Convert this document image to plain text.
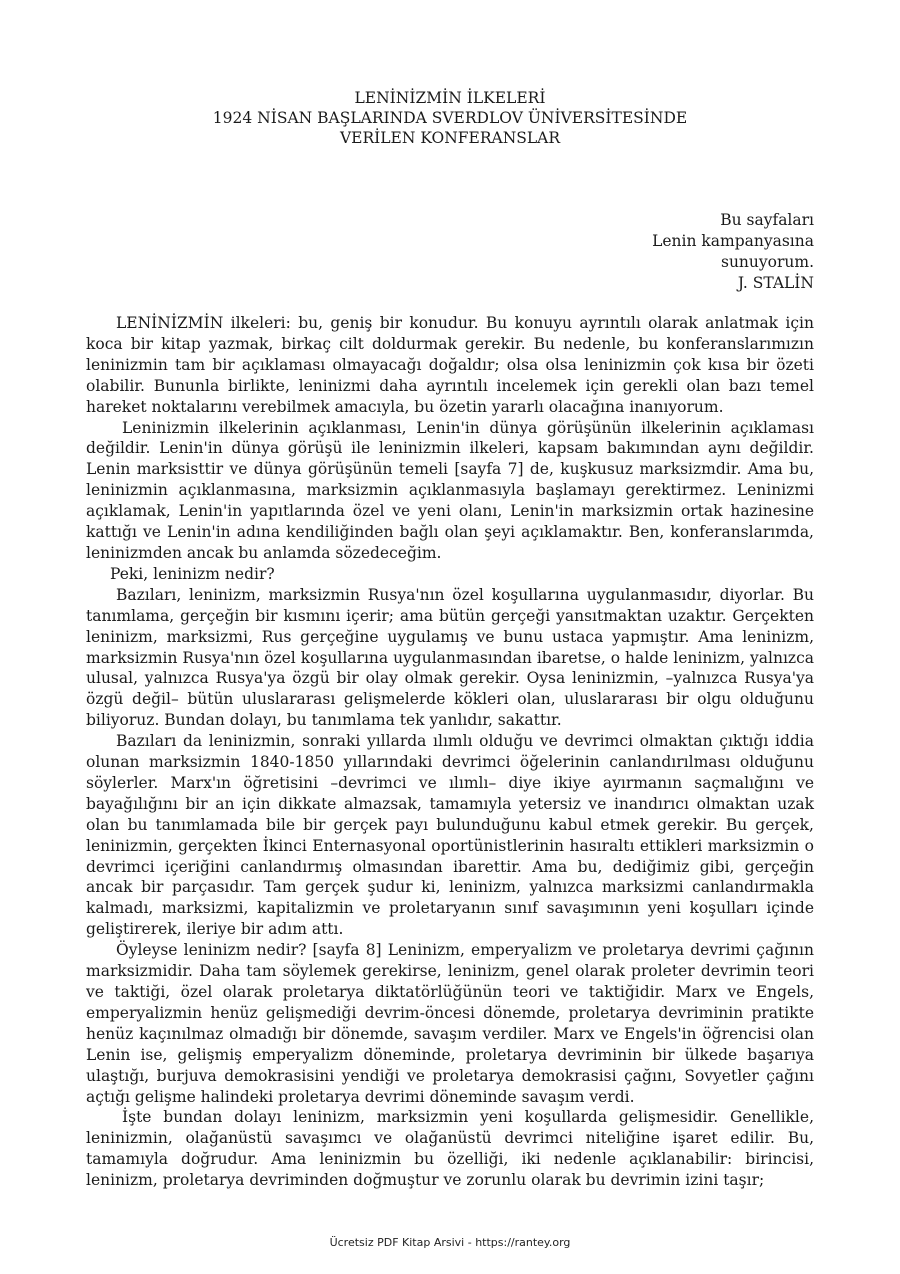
LENİNİZMİN İLKELERİ
1924 NİSAN BAŞLARINDA SVERDLOV ÜNİVERSİTESİNDE
VERİLEN KONFERANSLAR
Bu sayfaları
Lenin kampanyasına
sunuyorum.
J. STALİN

LENİNİZMİN ilkeleri: bu, geniş bir konudur. Bu konuyu ayrıntılı olarak anlatmak için koca bir kitap yazmak, birkaç cilt doldurmak gerekir. Bu nedenle, bu konferanslarımızın leninizmin tam bir açıklaması olmayacağı doğaldır; olsa olsa leninizmin çok kısa bir özeti olabilir. Bununla birlikte, leninizmi daha ayrıntılı incelemek için gerekli olan bazı temel hareket noktalarını verebilmek amacıyla, bu özetin yararlı olacağına inanıyorum.

Leninizmin ilkelerinin açıklanması, Lenin'in dünya görüşünün ilkelerinin açıklaması değildir. Lenin'in dünya görüşü ile leninizmin ilkeleri, kapsam bakımından aynı değildir. Lenin marksisttir ve dünya görüşünün temeli [sayfa 7] de, kuşkusuz marksizmdir. Ama bu, leninizmin açıklanmasına, marksizmin açıklanmasıyla başlamayı gerektirmez. Leninizmi açıklamak, Lenin'in yapıtlarında özel ve yeni olanı, Lenin'in marksizmin ortak hazinesine kattığı ve Lenin'in adına kendiliğinden bağlı olan şeyi açıklamaktır. Ben, konferanslarımda, leninizmden ancak bu anlamda sözedeceğim.

Peki, leninizm nedir?

Bazıları, leninizm, marksizmin Rusya'nın özel koşullarına uygulanmasıdır, diyorlar. Bu tanımlama, gerçeğin bir kısmını içerir; ama bütün gerçeği yansıtmaktan uzaktır. Gerçekten leninizm, marksizmi, Rus gerçeğine uygulamış ve bunu ustaca yapmıştır. Ama leninizm, marksizmin Rusya'nın özel koşullarına uygulanmasından ibaretse, o halde leninizm, yalnızca ulusal, yalnızca Rusya'ya özgü bir olay olmak gerekir. Oysa leninizmin, –yalnızca Rusya'ya özgü değil– bütün uluslararası gelişmelerde kökleri olan, uluslararası bir olgu olduğunu biliyoruz. Bundan dolayı, bu tanımlama tek yanlıdır, sakattır.

Bazıları da leninizmin, sonraki yıllarda ılımlı olduğu ve devrimci olmaktan çıktığı iddia olunan marksizmin 1840-1850 yıllarındaki devrimci öğelerinin canlandırılması olduğunu söylerler. Marx'ın öğretisini –devrimci ve ılımlı– diye ikiye ayırmanın saçmalığını ve bayağılığını bir an için dikkate almazsak, tamamıyla yetersiz ve inandırıcı olmaktan uzak olan bu tanımlamada bile bir gerçek payı bulunduğunu kabul etmek gerekir. Bu gerçek, leninizmin, gerçekten İkinci Enternasyonal oportünistlerinin hasıraltı ettikleri marksizmin o devrimci içeriğini canlandırmış olmasından ibarettir. Ama bu, dediğimiz gibi, gerçeğin ancak bir parçasıdır. Tam gerçek şudur ki, leninizm, yalnızca marksizmi canlandırmakla kalmadı, marksizmi, kapitalizmin ve proletaryanın sınıf savaşımının yeni koşulları içinde geliştirerek, ileriye bir adım attı.

Öyleyse leninizm nedir? [sayfa 8] Leninizm, emperyalizm ve proletarya devrimi çağının marksizmidir. Daha tam söylemek gerekirse, leninizm, genel olarak proleter devrimin teori ve taktiği, özel olarak proletarya diktatörlüğünün teori ve taktiğidir. Marx ve Engels, emperyalizmin henüz gelişmediği devrim-öncesi dönemde, proletarya devriminin pratikte henüz kaçınılmaz olmadığı bir dönemde, savaşım verdiler. Marx ve Engels'in öğrencisi olan Lenin ise, gelişmiş emperyalizm döneminde, proletarya devriminin bir ülkede başarıya ulaştığı, burjuva demokrasisini yendiği ve proletarya demokrasisi çağını, Sovyetler çağını açtığı gelişme halindeki proletarya devrimi döneminde savaşım verdi.

İşte bundan dolayı leninizm, marksizmin yeni koşullarda gelişmesidir. Genellikle, leninizmin, olağanüstü savaşımcı ve olağanüstü devrimci niteliğine işaret edilir. Bu, tamamıyla doğrudur. Ama leninizmin bu özelliği, iki nedenle açıklanabilir: birincisi, leninizm, proletarya devriminden doğmuştur ve zorunlu olarak bu devrimin izini taşır;

Ücretsiz PDF Kitap Arsivi - https://rantey.org
